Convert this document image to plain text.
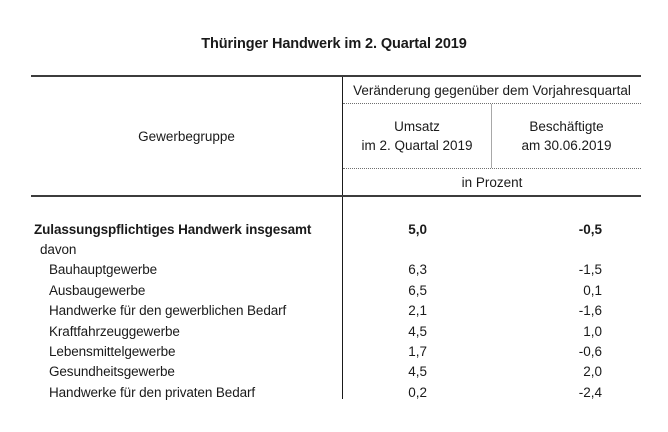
Thüringer Handwerk im 2. Quartal 2019
Gewerbegruppe
Veränderung gegenüber dem Vorjahresquartal
Umsatz
im 2. Quartal 2019
Beschäftigte
am 30.06.2019
in Prozent
Zulassungspflichtiges Handwerk insgesamt	5,0	-0,5
davon
Bauhauptgewerbe	6,3	-1,5
Ausbaugewerbe	6,5	0,1
Handwerke für den gewerblichen Bedarf	2,1	-1,6
Kraftfahrzeuggewerbe	4,5	1,0
Lebensmittelgewerbe	1,7	-0,6
Gesundheitsgewerbe	4,5	2,0
Handwerke für den privaten Bedarf	0,2	-2,4
